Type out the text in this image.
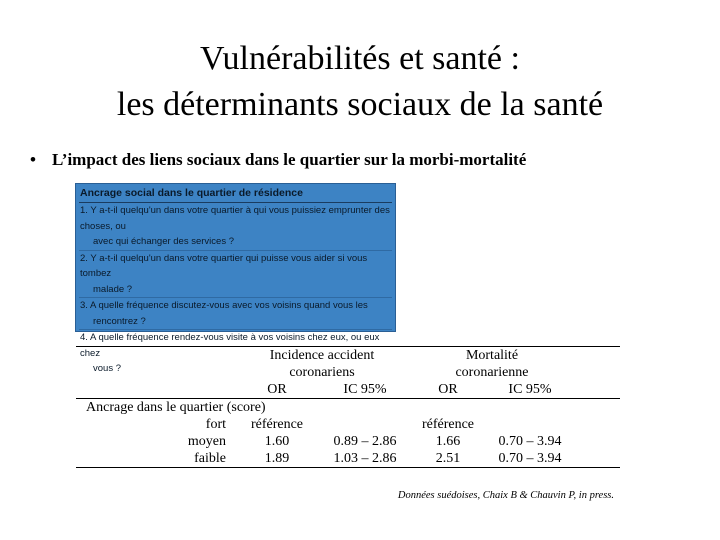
Vulnérabilités et santé :
les déterminants sociaux de la santé
• L’impact des liens sociaux dans le quartier sur la morbi-mortalité
Ancrage social dans le quartier de résidence
1. Y a-t-il quelqu'un dans votre quartier à qui vous puissiez emprunter des choses, ou
avec qui échanger des services ?
2. Y a-t-il quelqu'un dans votre quartier qui puisse vous aider si vous tombez
malade ?
3. A quelle fréquence discutez-vous avec vos voisins quand vous les
rencontrez ?
4. A quelle fréquence rendez-vous visite à vos voisins chez eux, ou eux chez
vous ?
	Incidence accident		Mortalité		
	coronariens		coronarienne		
	OR	IC 95%	OR	IC 95%	
Ancrage dans le quartier (score)					
fort	référence		référence		
moyen	1.60	0.89 – 2.86	1.66	0.70 – 3.94	
faible	1.89	1.03 – 2.86	2.51	0.70 – 3.94	
Données suédoises, Chaix B & Chauvin P, in press.
